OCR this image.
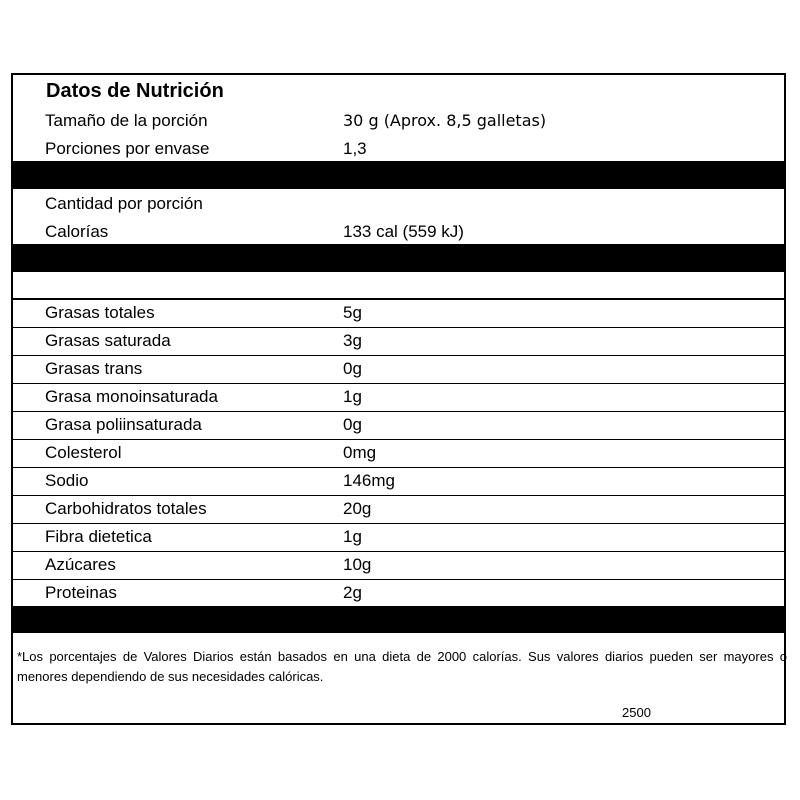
Datos de Nutrición
Tamaño de la porción	30 g (Aprox. 8,5 galletas)
Porciones por envase	1,3
Cantidad por porción
Calorías	133 cal (559 kJ)
Grasas totales	5g
Grasas saturada	3g
Grasas trans	0g
Grasa monoinsaturada	1g
Grasa poliinsaturada	0g
Colesterol	0mg
Sodio	146mg
Carbohidratos totales	20g
Fibra dietetica	1g
Azúcares	10g
Proteinas	2g
*Los porcentajes de Valores Diarios están basados en una dieta de 2000 calorías. Sus valores diarios pueden ser mayores o menores dependiendo de sus necesidades calóricas.
2500
